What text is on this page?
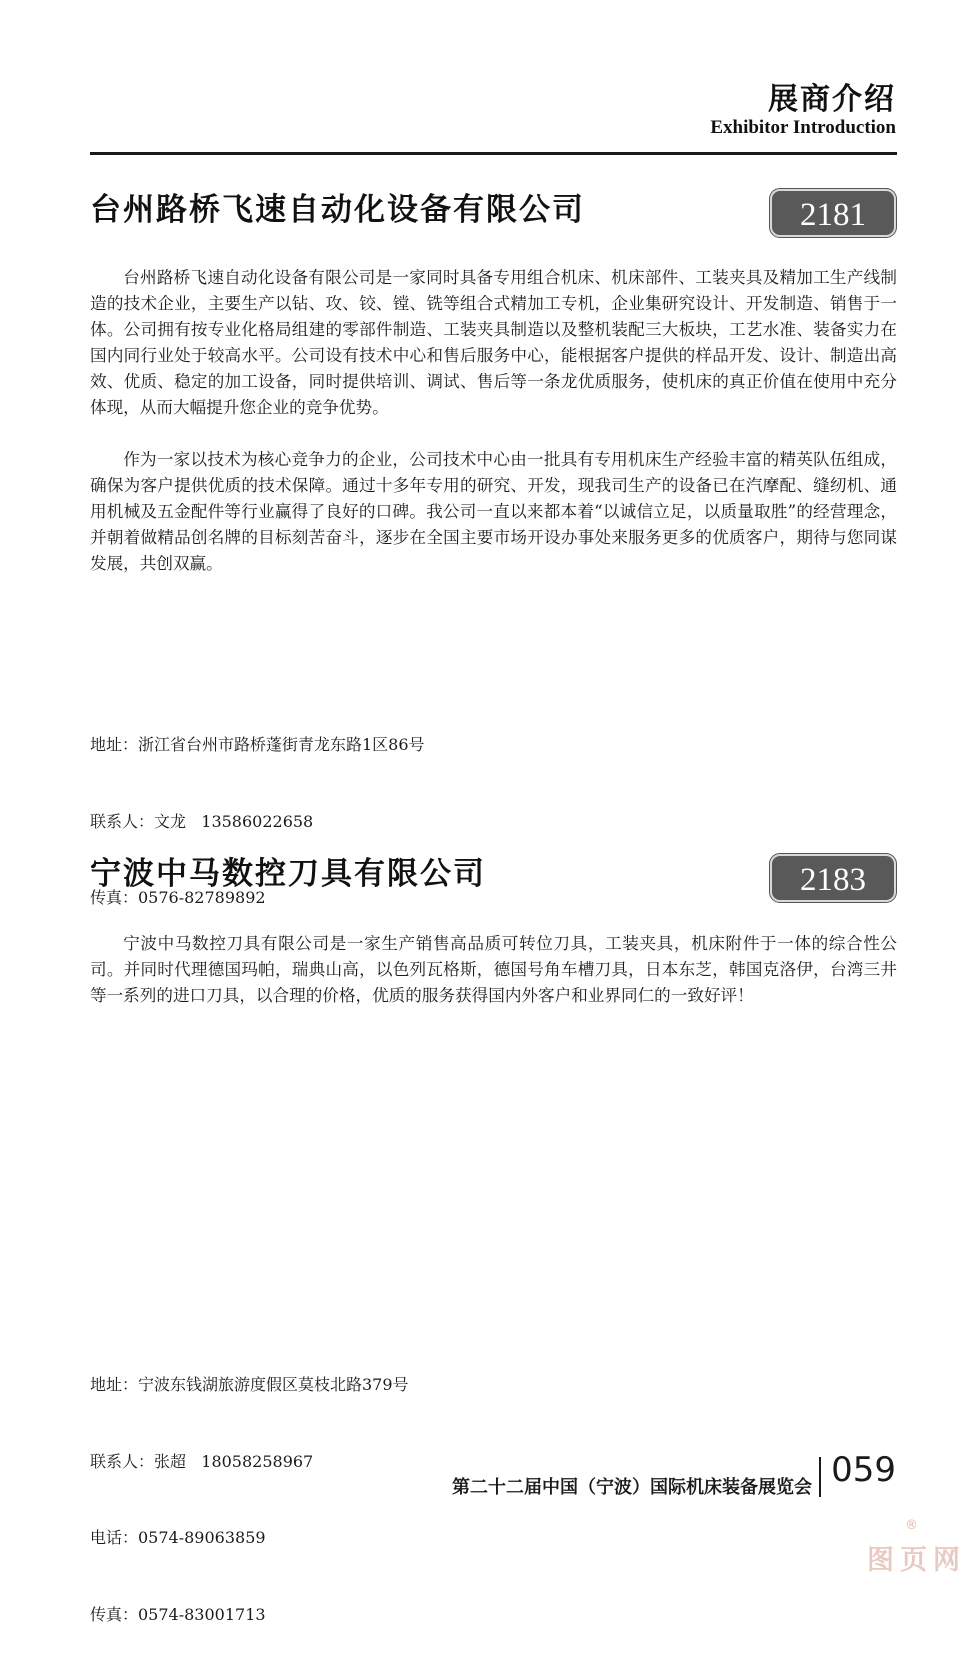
展商介绍
Exhibitor Introduction
台州路桥飞速自动化设备有限公司	2181

台州路桥飞速自动化设备有限公司是一家同时具备专用组合机床、机床部件、工装夹具及精加工生产线制造的技术企业，主要生产以钻、攻、铰、镗、铣等组合式精加工专机，企业集研究设计、开发制造、销售于一体。公司拥有按专业化格局组建的零部件制造、工装夹具制造以及整机装配三大板块，工艺水准、装备实力在国内同行业处于较高水平。公司设有技术中心和售后服务中心，能根据客户提供的样品开发、设计、制造出高效、优质、稳定的加工设备，同时提供培训、调试、售后等一条龙优质服务，使机床的真正价值在使用中充分体现，从而大幅提升您企业的竞争优势。

作为一家以技术为核心竞争力的企业，公司技术中心由一批具有专用机床生产经验丰富的精英队伍组成，确保为客户提供优质的技术保障。通过十多年专用的研究、开发，现我司生产的设备已在汽摩配、缝纫机、通用机械及五金配件等行业赢得了良好的口碑。我公司一直以来都本着“以诚信立足，以质量取胜”的经营理念，并朝着做精品创名牌的目标刻苦奋斗，逐步在全国主要市场开设办事处来服务更多的优质客户，期待与您同谋发展，共创双赢。

地址：浙江省台州市路桥蓬街青龙东路1区86号

联系人：文龙   13586022658

传真：0576-82789892

宁波中马数控刀具有限公司	2183

宁波中马数控刀具有限公司是一家生产销售高品质可转位刀具，工装夹具，机床附件于一体的综合性公司。并同时代理德国玛帕，瑞典山高，以色列瓦格斯，德国号角车槽刀具，日本东芝，韩国克洛伊，台湾三井等一系列的进口刀具，以合理的价格，优质的服务获得国内外客户和业界同仁的一致好评！

地址：宁波东钱湖旅游度假区莫枝北路379号

联系人：张超   18058258967

电话：0574-89063859

传真：0574-83001713

第二十二届中国（宁波）国际机床装备展览会 059
图页网
®
